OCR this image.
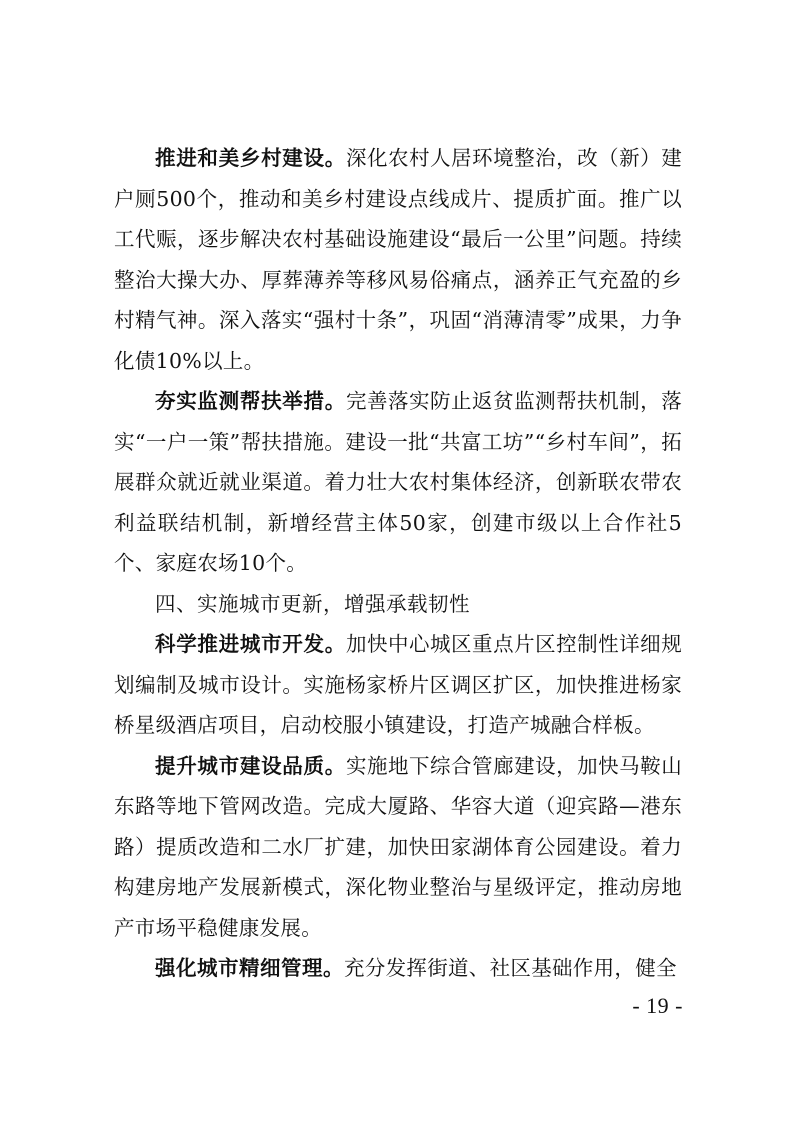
推进和美乡村建设。深化农村人居环境整治，改（新）建户厕500个，推动和美乡村建设点线成片、提质扩面。推广以工代赈，逐步解决农村基础设施建设“最后一公里”问题。持续整治大操大办、厚葬薄养等移风易俗痛点，涵养正气充盈的乡村精气神。深入落实“强村十条”，巩固“消薄清零”成果，力争化债10%以上。

夯实监测帮扶举措。完善落实防止返贫监测帮扶机制，落实“一户一策”帮扶措施。建设一批“共富工坊”“乡村车间”，拓展群众就近就业渠道。着力壮大农村集体经济，创新联农带农利益联结机制，新增经营主体50家，创建市级以上合作社5个、家庭农场10个。

四、实施城市更新，增强承载韧性

科学推进城市开发。加快中心城区重点片区控制性详细规划编制及城市设计。实施杨家桥片区调区扩区，加快推进杨家桥星级酒店项目，启动校服小镇建设，打造产城融合样板。

提升城市建设品质。实施地下综合管廊建设，加快马鞍山东路等地下管网改造。完成大厦路、华容大道（迎宾路—港东路）提质改造和二水厂扩建，加快田家湖体育公园建设。着力构建房地产发展新模式，深化物业整治与星级评定，推动房地产市场平稳健康发展。

强化城市精细管理。充分发挥街道、社区基础作用，健全

- 19 -
